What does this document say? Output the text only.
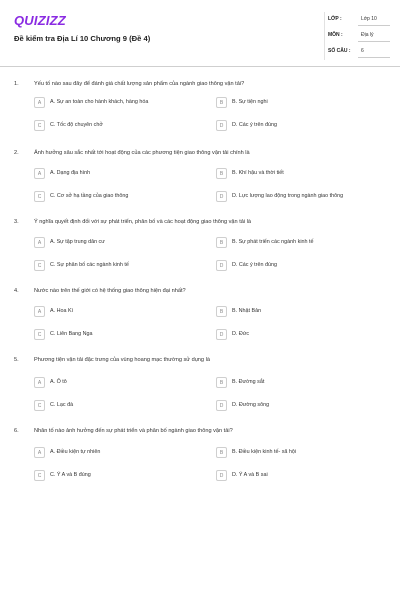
QUIZIZZ
Đề kiểm tra Địa Lí 10 Chương 9 (Đề 4)
LỚP :	Lớp 10
MÔN :	Địa lý
SỐ CÂU : 6
1.	Yếu tố nào sau đây để đánh giá chất lượng sản phẩm của ngành giao thông vận tải?
A	A. Sự an toàn cho hành khách, hàng hóa	B	B. Sự tiện nghi
C	C. Tốc độ chuyên chở	D	D. Các ý trên đúng
2.	Ảnh hưởng sâu sắc nhất tới hoạt động của các phương tiện giao thông vận tải chính là
A	A. Dạng địa hình	B	B. Khí hậu và thời tiết
C	C. Cơ sở hạ tầng của giao thông	D	D. Lực lượng lao động trong ngành giao thông
3.	Ý nghĩa quyết định đối với sự phát triển, phân bố và các hoạt động giao thông vận tải là
A	A. Sự tập trung dân cư	B	B. Sự phát triển các ngành kinh tế
C	C. Sự phân bố các ngành kinh tế	D	D. Các ý trên đúng
4.	Nước nào trên thế giới có hệ thống giao thông hiện đại nhất?
A	A. Hoa Kì	B	B. Nhật Bản
C	C. Liên Bang Nga	D	D. Đức
5.	Phương tiện vận tải đặc trưng của vùng hoang mạc thường sử dụng là
A	A. Ô tô	B	B. Đường sắt
C	C. Lạc đà	D	D. Đường sông
6.	Nhân tố nào ảnh hưởng đến sự phát triển và phân bố ngành giao thông vận tải?
A	A. Điều kiện tự nhiên	B	B. Điều kiện kinh tế- xã hội
C	C. Ý A và B đúng	D	D. Ý A và B sai
